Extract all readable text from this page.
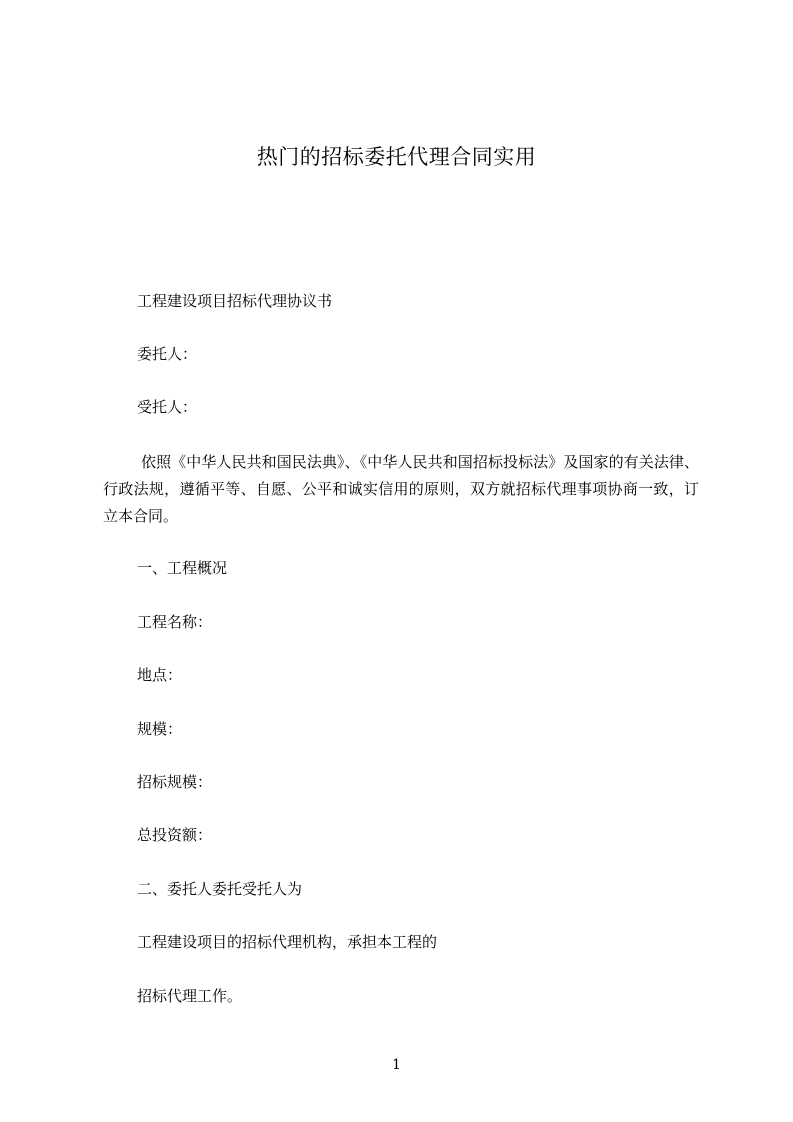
热门的招标委托代理合同实用
工程建设项目招标代理协议书
委托人：
受托人：
依照《中华人民共和国民法典》、《中华人民共和国招标投标法》及国家的有关法律、行政法规，遵循平等、自愿、公平和诚实信用的原则，双方就招标代理事项协商一致，订立本合同。
一、工程概况
工程名称：
地点：
规模：
招标规模：
总投资额：
二、委托人委托受托人为
工程建设项目的招标代理机构，承担本工程的
招标代理工作。
1
